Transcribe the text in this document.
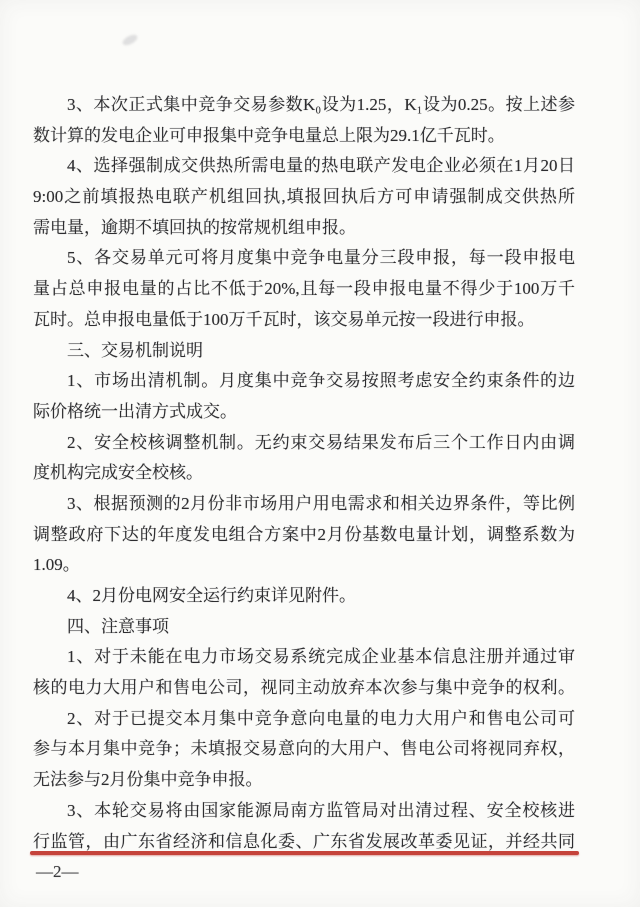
3、本次正式集中竞争交易参数K₀设为1.25，K₁设为0.25。按上述参
数计算的发电企业可申报集中竞争电量总上限为29.1亿千瓦时。
4、选择强制成交供热所需电量的热电联产发电企业必须在1月20日
9:00之前填报热电联产机组回执,填报回执后方可申请强制成交供热所
需电量，逾期不填回执的按常规机组申报。
5、各交易单元可将月度集中竞争电量分三段申报，每一段申报电
量占总申报电量的占比不低于20%,且每一段申报电量不得少于100万千
瓦时。总申报电量低于100万千瓦时，该交易单元按一段进行申报。
三、交易机制说明
1、市场出清机制。月度集中竞争交易按照考虑安全约束条件的边
际价格统一出清方式成交。
2、安全校核调整机制。无约束交易结果发布后三个工作日内由调
度机构完成安全校核。
3、根据预测的2月份非市场用户用电需求和相关边界条件，等比例
调整政府下达的年度发电组合方案中2月份基数电量计划，调整系数为
1.09。
4、2月份电网安全运行约束详见附件。
四、注意事项
1、对于未能在电力市场交易系统完成企业基本信息注册并通过审
核的电力大用户和售电公司，视同主动放弃本次参与集中竞争的权利。
2、对于已提交本月集中竞争意向电量的电力大用户和售电公司可
参与本月集中竞争；未填报交易意向的大用户、售电公司将视同弃权，
无法参与2月份集中竞争申报。
3、本轮交易将由国家能源局南方监管局对出清过程、安全校核进
行监管，由广东省经济和信息化委、广东省发展改革委见证，并经共同
—2—
